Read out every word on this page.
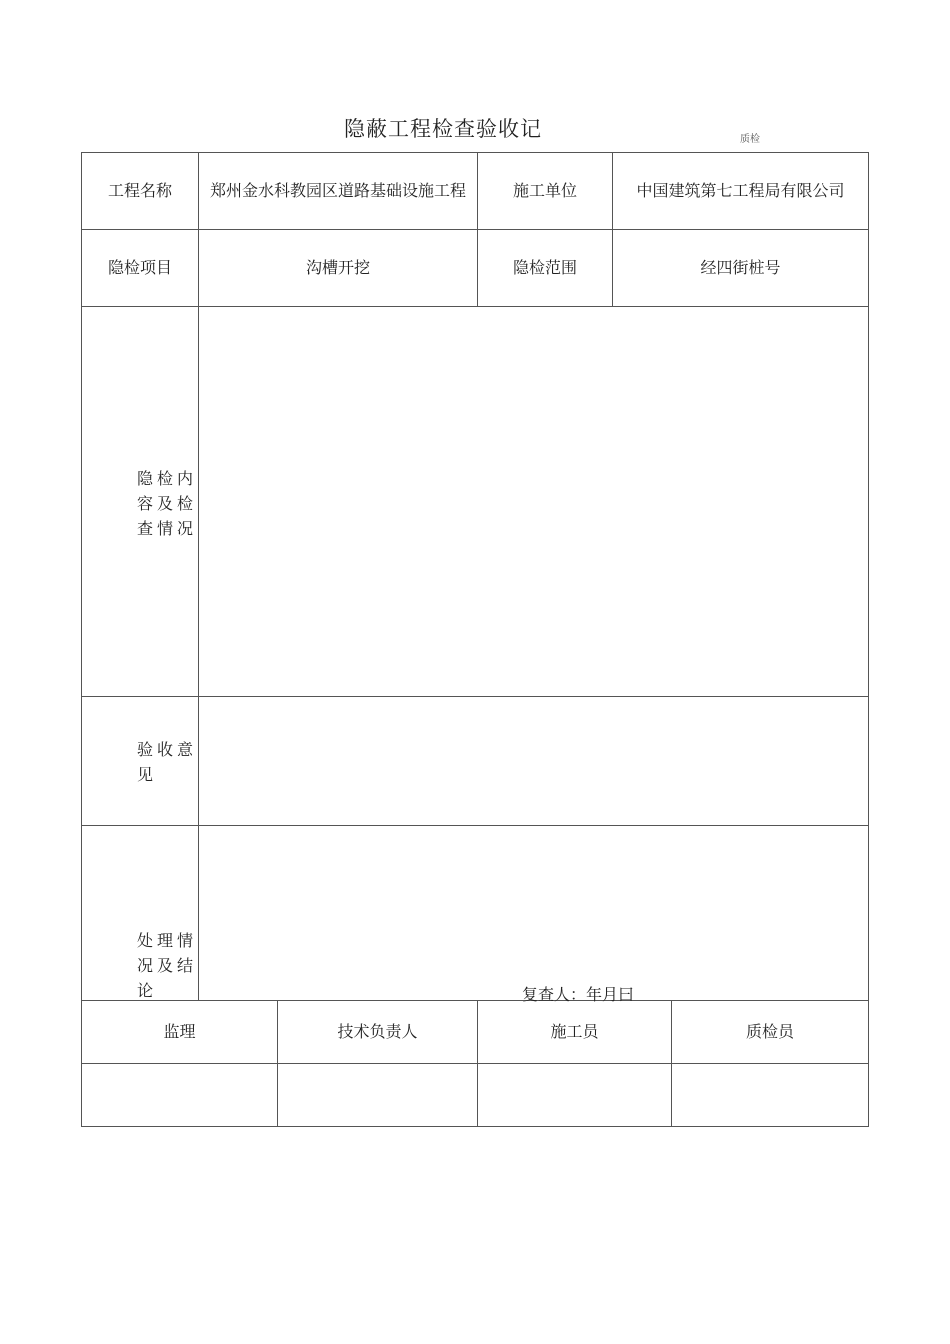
隐蔽工程检查验收记	质检
工程名称	郑州金水科教园区道路基础设施工程	施工单位	中国建筑第七工程局有限公司
隐检项目	沟槽开挖	隐检范围	经四街桩号
隐检内容及检查情况
验收意见
处理情况及结论	复查人：年月曰
监理	技术负责人	施工员	质检员
